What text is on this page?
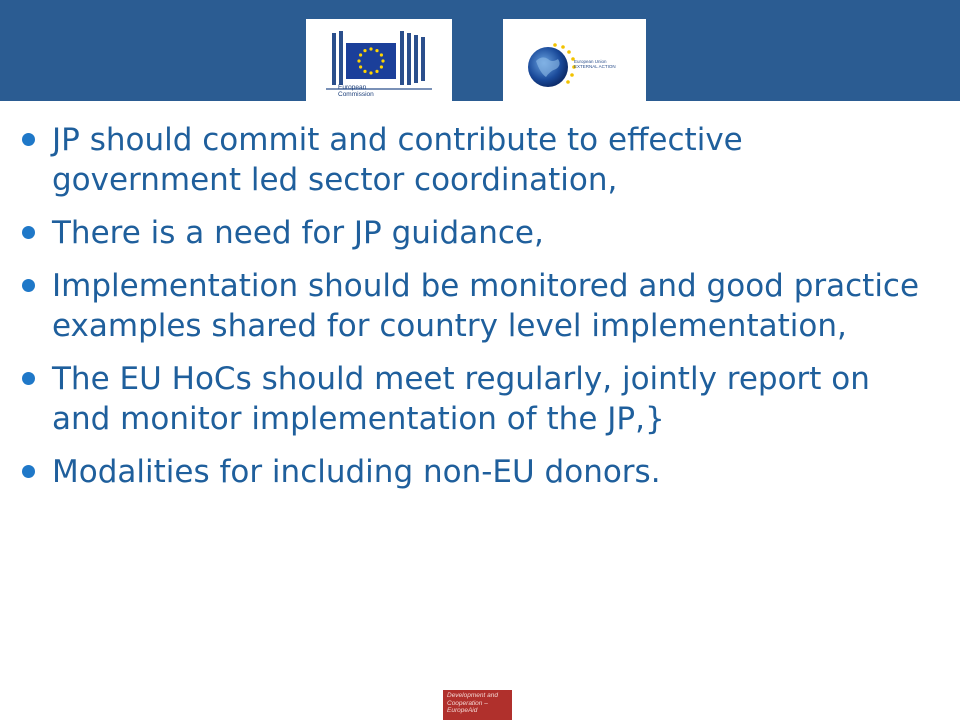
European
Commission
European Union
EXTERNAL ACTION
JP should commit and contribute to effective government led sector coordination,
There is a need for JP guidance,
Implementation should be monitored and good practice examples shared for country level implementation,
The EU HoCs should meet regularly, jointly report on and monitor implementation of the JP,}
Modalities for including non-EU donors.
Development and
Cooperation –
EuropeAid
